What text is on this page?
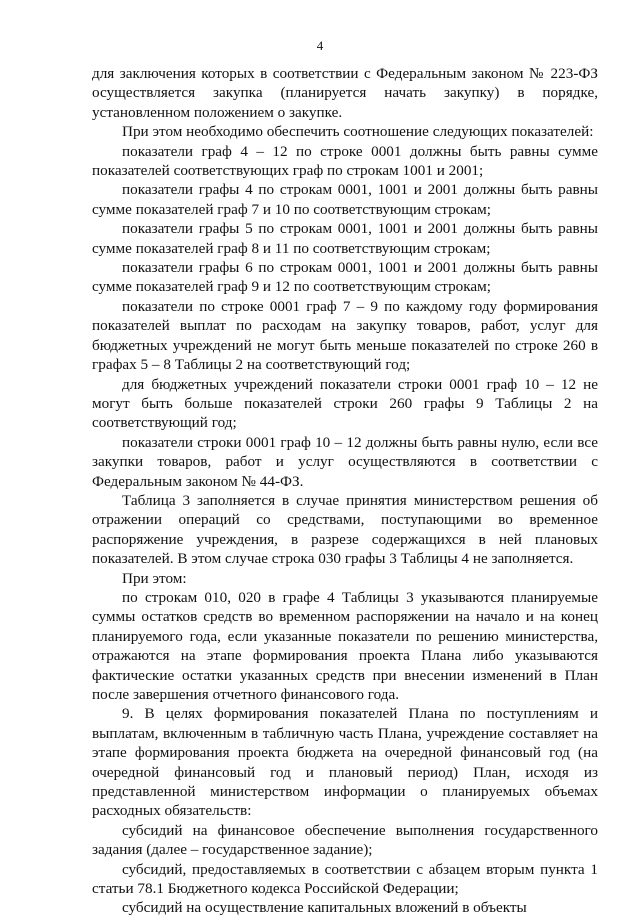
4

для заключения которых в соответствии с Федеральным законом № 223-ФЗ осуществляется закупка (планируется начать закупку) в порядке, установленном положением о закупке.

При этом необходимо обеспечить соотношение следующих показателей:

показатели граф 4 – 12 по строке 0001 должны быть равны сумме показателей соответствующих граф по строкам 1001 и 2001;

показатели графы 4 по строкам 0001, 1001 и 2001 должны быть равны сумме показателей граф 7 и 10 по соответствующим строкам;

показатели графы 5 по строкам 0001, 1001 и 2001 должны быть равны сумме показателей граф 8 и 11 по соответствующим строкам;

показатели графы 6 по строкам 0001, 1001 и 2001 должны быть равны сумме показателей граф 9 и 12 по соответствующим строкам;

показатели по строке 0001 граф 7 – 9 по каждому году формирования показателей выплат по расходам на закупку товаров, работ, услуг для бюджетных учреждений не могут быть меньше показателей по строке 260 в графах 5 – 8 Таблицы 2 на соответствующий год;

для бюджетных учреждений показатели строки 0001 граф 10 – 12 не могут быть больше показателей строки 260 графы 9 Таблицы 2 на соответствующий год;

показатели строки 0001 граф 10 – 12 должны быть равны нулю, если все закупки товаров, работ и услуг осуществляются в соответствии с Федеральным законом № 44-ФЗ.

Таблица 3 заполняется в случае принятия министерством решения об отражении операций со средствами, поступающими во временное распоряжение учреждения, в разрезе содержащихся в ней плановых показателей. В этом случае строка 030 графы 3 Таблицы 4 не заполняется.

При этом:

по строкам 010, 020 в графе 4 Таблицы 3 указываются планируемые суммы остатков средств во временном распоряжении на начало и на конец планируемого года, если указанные показатели по решению министерства, отражаются на этапе формирования проекта Плана либо указываются фактические остатки указанных средств при внесении изменений в План после завершения отчетного финансового года.

9. В целях формирования показателей Плана по поступлениям и выплатам, включенным в табличную часть Плана, учреждение составляет на этапе формирования проекта бюджета на очередной финансовый год (на очередной финансовый год и плановый период) План, исходя из представленной министерством информации о планируемых объемах расходных обязательств:

субсидий на финансовое обеспечение выполнения государственного задания (далее – государственное задание);

субсидий, предоставляемых в соответствии с абзацем вторым пункта 1 статьи 78.1 Бюджетного кодекса Российской Федерации;

субсидий на осуществление капитальных вложений в объекты
